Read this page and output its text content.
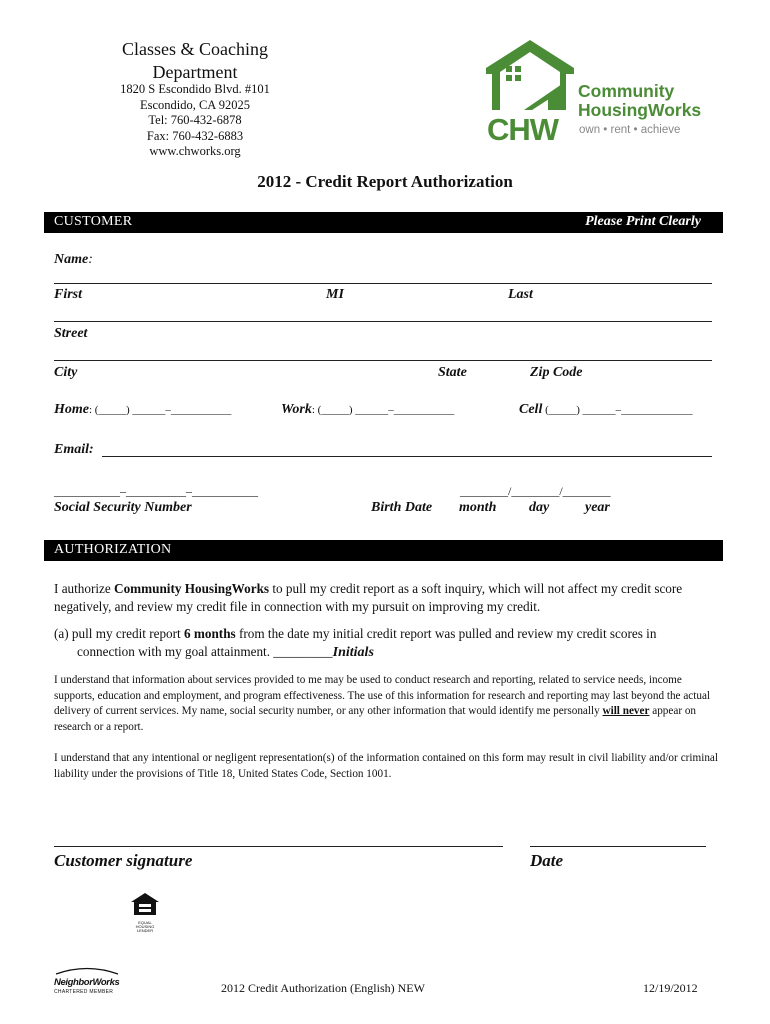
Classes & Coaching
Department
1820 S Escondido Blvd. #101
Escondido, CA 92025
Tel: 760-432-6878
Fax: 760-432-6883
www.chworks.org
CHW
Community
HousingWorks
own • rent • achieve
2012 - Credit Report Authorization
CUSTOMER	Please Print Clearly
Name:
First	MI	Last
Street
City	State	Zip Code
Home: (_____) ______–___________	Work: (_____) ______–___________	Cell (_____) ______–_____________
Email:
___________–__________–___________
Social Security Number
________/________/________
Birth Date month day	year
AUTHORIZATION
I authorize Community HousingWorks to pull my credit report as a soft inquiry, which will not affect my credit score negatively, and review my credit file in connection with my pursuit on improving my credit.
(a) pull my credit report 6 months from the date my initial credit report was pulled and review my credit scores in
connection with my goal attainment. _________Initials
I understand that information about services provided to me may be used to conduct research and reporting, related to service needs, income supports, education and employment, and program effectiveness. The use of this information for research and reporting may last beyond the actual delivery of current services. My name, social security number, or any other information that would identify me personally will never appear on research or a report.
I understand that any intentional or negligent representation(s) of the information contained on this form may result in civil liability and/or criminal liability under the provisions of Title 18, United States Code, Section 1001.
Customer signature	Date
EQUAL HOUSING LENDER
NeighborWorks
CHARTERED MEMBER	2012 Credit Authorization (English) NEW	12/19/2012
